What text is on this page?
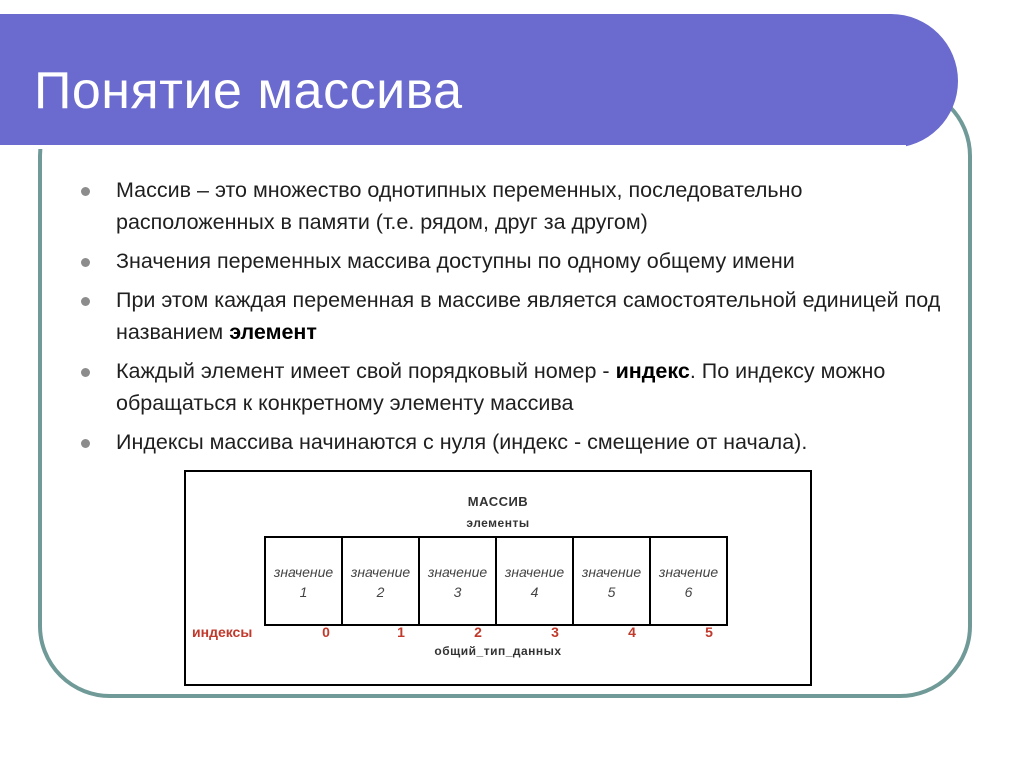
Понятие массива
Массив – это множество однотипных переменных, последовательно расположенных в памяти (т.е. рядом, друг за другом)
Значения переменных массива доступны по одному общему имени
При этом каждая переменная в массиве является самостоятельной единицей под названием элемент
Каждый элемент имеет свой порядковый номер - индекс. По индексу можно обращаться к конкретному элементу массива
Индексы массива начинаются с нуля (индекс - смещение от начала).
МАССИВ
элементы
значение
1
значение
2
значение
3
значение
4
значение
5
значение
6
индексы	0	1	2	3	4	5
общий_тип_данных
